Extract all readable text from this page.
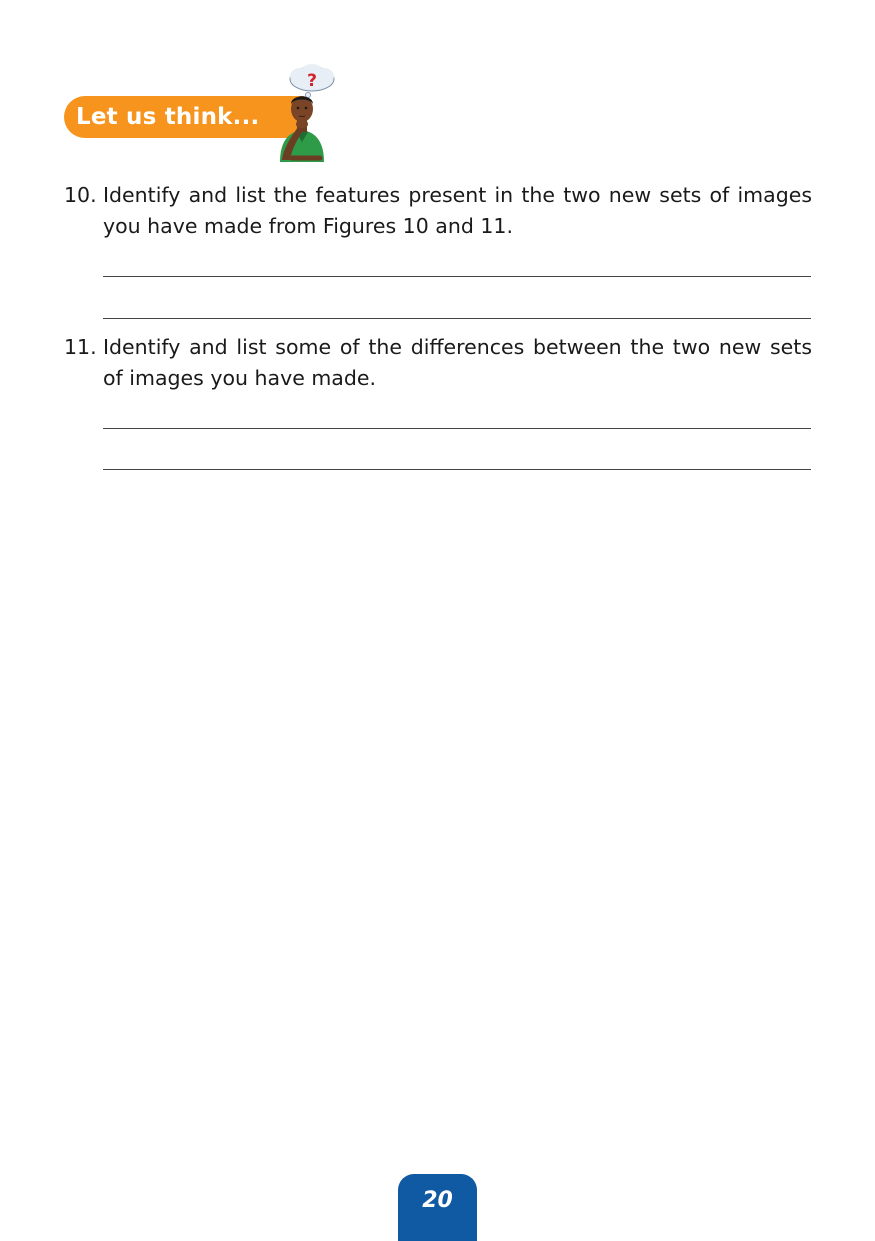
Let us think...
?
10. Identify and list the features present in the two new sets of images you have made from Figures 10 and 11.
11. Identify and list some of the differences between the two new sets of images you have made.
20
